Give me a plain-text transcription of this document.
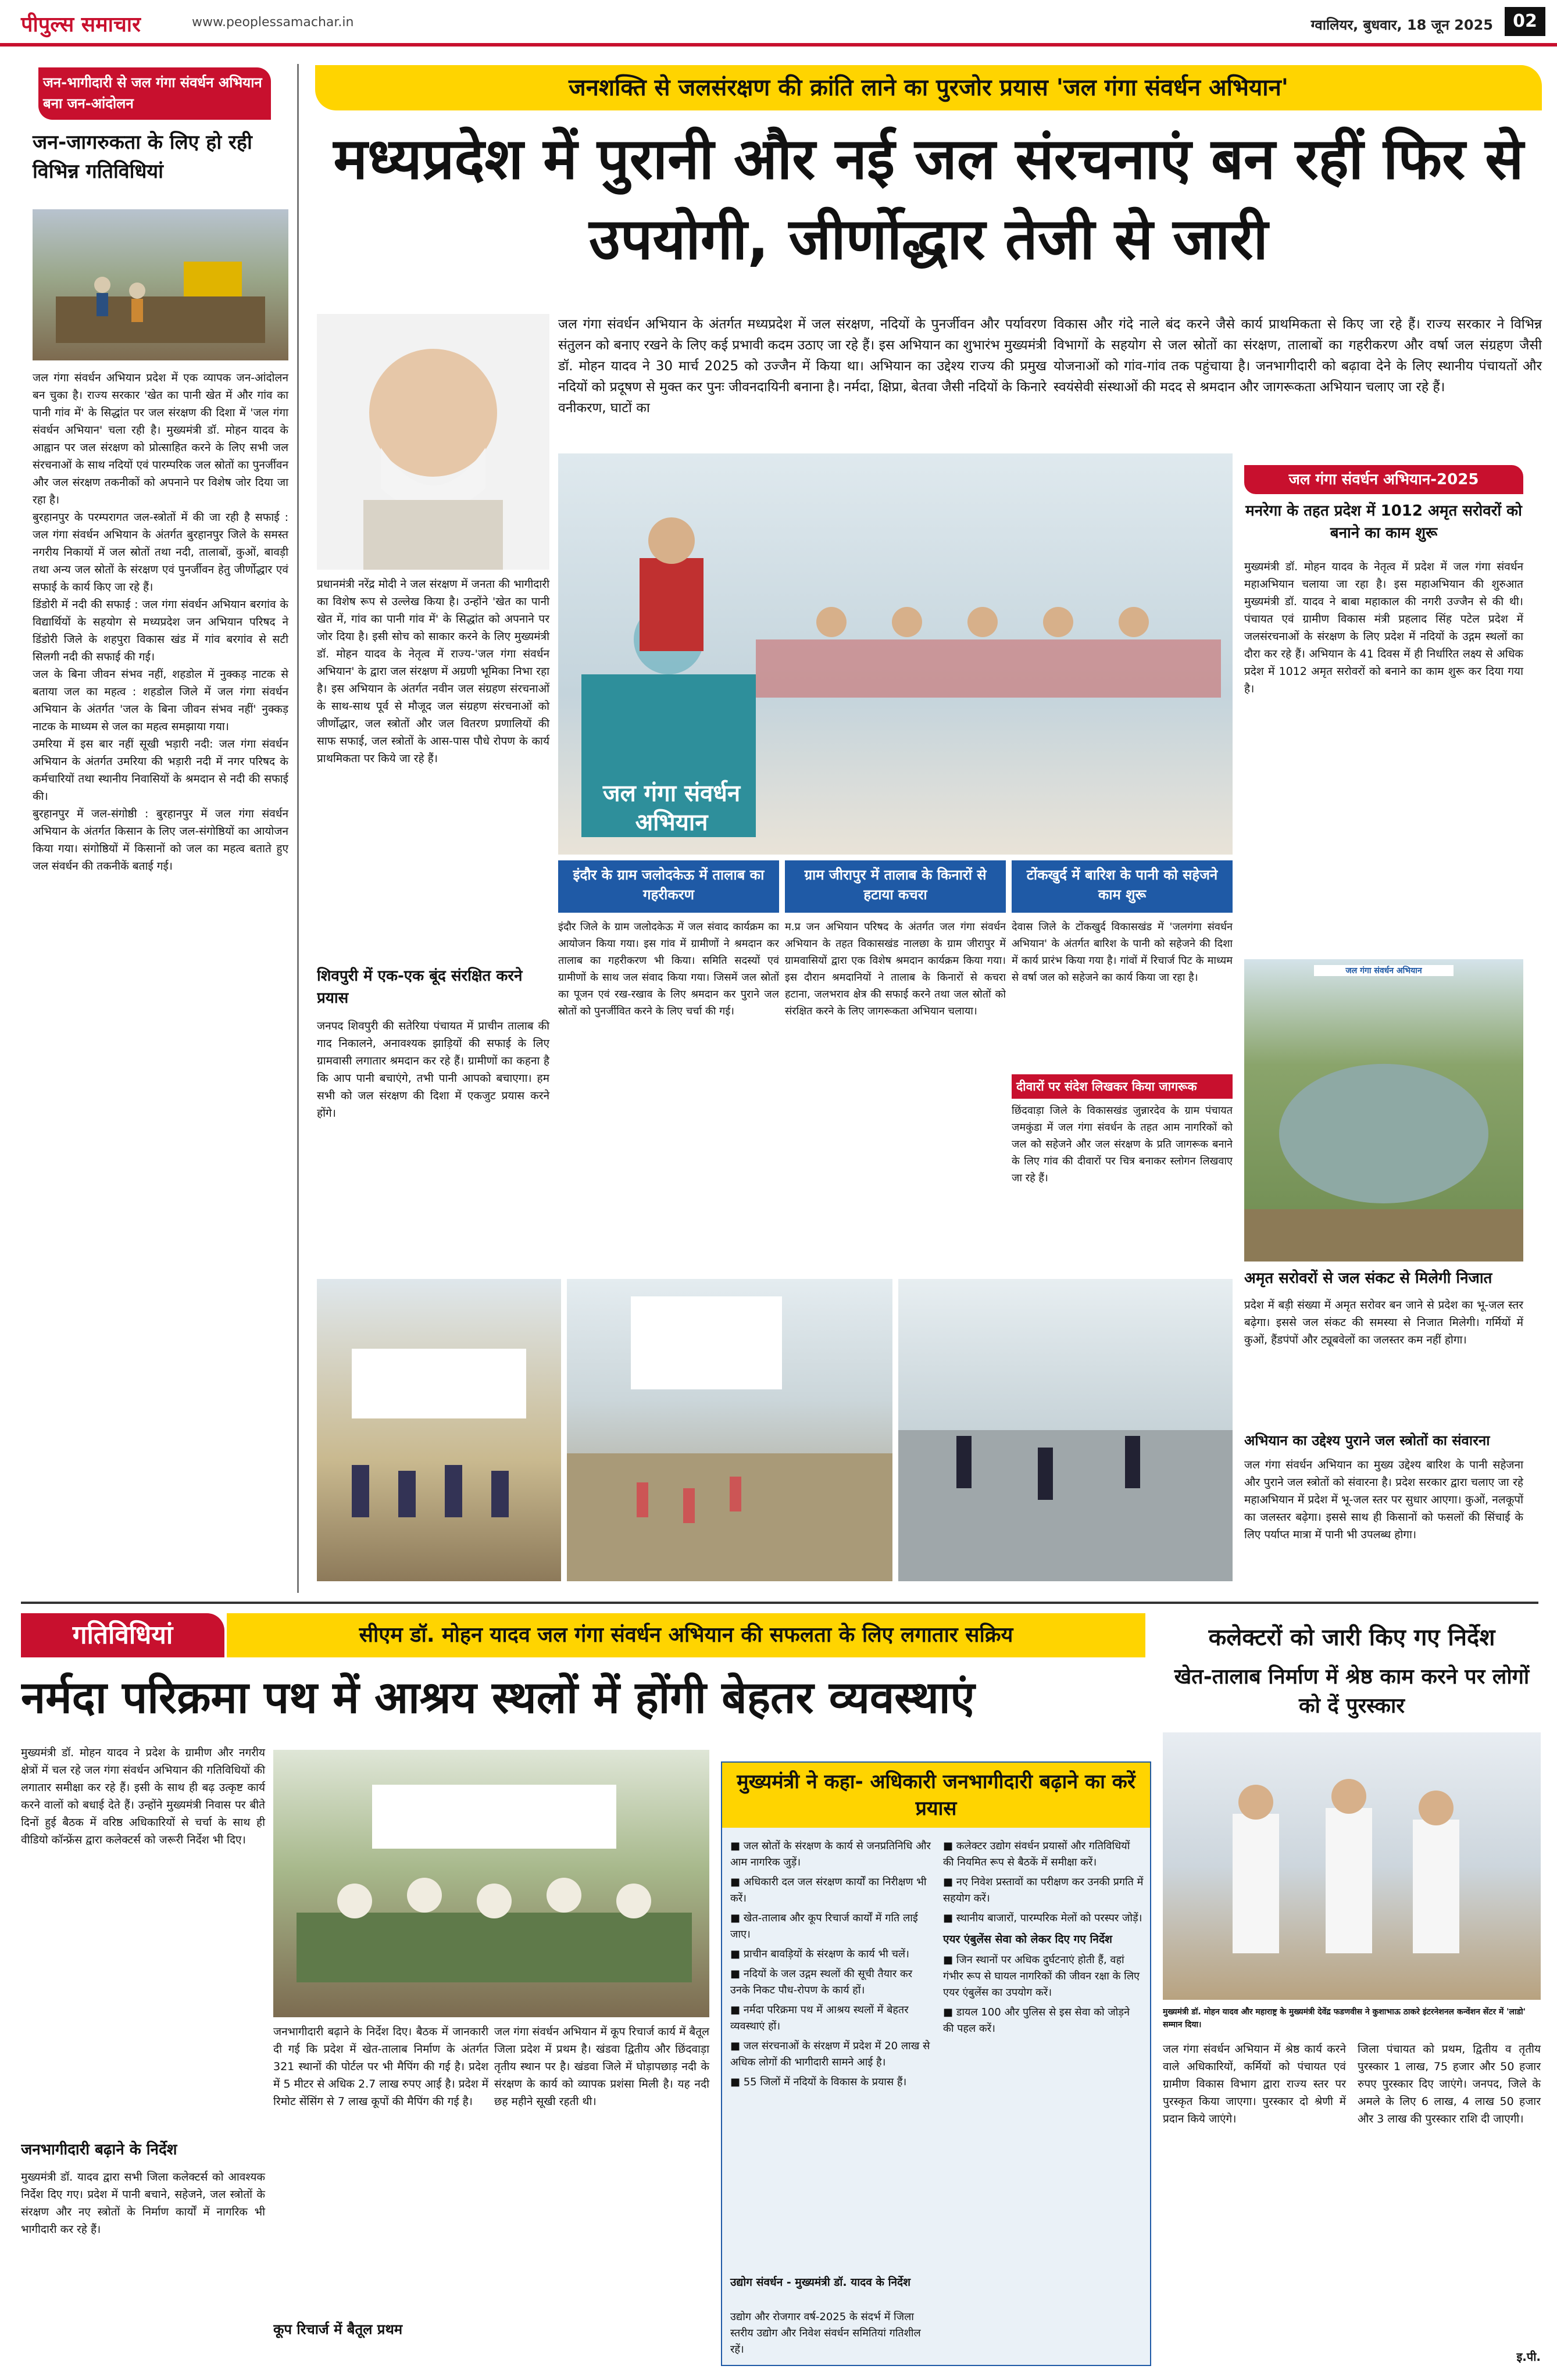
पीपुल्स समाचार	www.peoplessamachar.in	ग्वालियर, बुधवार, 18 जून 2025	02
जन-भागीदारी से जल गंगा संवर्धन अभियान बना जन-आंदोलन
जन-जागरुकता के लिए हो रही विभिन्न गतिविधियां
जल गंगा संवर्धन अभियान प्रदेश में एक व्यापक जन-आंदोलन बन चुका है। राज्य सरकार 'खेत का पानी खेत में और गांव का पानी गांव में' के सिद्धांत पर जल संरक्षण की दिशा में 'जल गंगा संवर्धन अभियान' चला रही है। मुख्यमंत्री डॉ. मोहन यादव के आह्वान पर जल संरक्षण को प्रोत्साहित करने के लिए सभी जल संरचनाओं के साथ नदियों एवं पारम्परिक जल स्रोतों का पुनर्जीवन और जल संरक्षण तकनीकों को अपनाने पर विशेष जोर दिया जा रहा है।
बुरहानपुर के परम्परागत जल-स्त्रोतों में की जा रही है सफाई : जल गंगा संवर्धन अभियान के अंतर्गत बुरहानपुर जिले के समस्त नगरीय निकायों में जल स्रोतों तथा नदी, तालाबों, कुओं, बावड़ी तथा अन्य जल स्रोतों के संरक्षण एवं पुनर्जीवन हेतु जीर्णोद्धार एवं सफाई के कार्य किए जा रहे हैं।
डिंडोरी में नदी की सफाई : जल गंगा संवर्धन अभियान बरगांव के विद्यार्थियों के सहयोग से मध्यप्रदेश जन अभियान परिषद ने डिंडोरी जिले के शहपुरा विकास खंड में गांव बरगांव से सटी सिलगी नदी की सफाई की गई।
जल के बिना जीवन संभव नहीं, शहडोल में नुक्कड़ नाटक से बताया जल का महत्व : शहडोल जिले में जल गंगा संवर्धन अभियान के अंतर्गत 'जल के बिना जीवन संभव नहीं' नुक्कड़ नाटक के माध्यम से जल का महत्व समझाया गया।
उमरिया में इस बार नहीं सूखी भड़ारी नदी: जल गंगा संवर्धन अभियान के अंतर्गत उमरिया की भड़ारी नदी में नगर परिषद के कर्मचारियों तथा स्थानीय निवासियों के श्रमदान से नदी की सफाई की।
बुरहानपुर में जल-संगोष्ठी : बुरहानपुर में जल गंगा संवर्धन अभियान के अंतर्गत किसान के लिए जल-संगोष्ठियों का आयोजन किया गया। संगोष्ठियों में किसानों को जल का महत्व बताते हुए जल संवर्धन की तकनीकें बताई गई।
जनशक्ति से जलसंरक्षण की क्रांति लाने का पुरजोर प्रयास 'जल गंगा संवर्धन अभियान'
मध्यप्रदेश में पुरानी और नई जल संरचनाएं बन रहीं फिर से उपयोगी, जीर्णोद्धार तेजी से जारी
प्रधानमंत्री नरेंद्र मोदी ने जल संरक्षण में जनता की भागीदारी का विशेष रूप से उल्लेख किया है। उन्होंने 'खेत का पानी खेत में, गांव का पानी गांव में' के सिद्धांत को अपनाने पर जोर दिया है। इसी सोच को साकार करने के लिए मुख्यमंत्री डॉ. मोहन यादव के नेतृत्व में राज्य-'जल गंगा संवर्धन अभियान' के द्वारा जल संरक्षण में अग्रणी भूमिका निभा रहा है। इस अभियान के अंतर्गत नवीन जल संग्रहण संरचनाओं के साथ-साथ पूर्व से मौजूद जल संग्रहण संरचनाओं को जीर्णोद्धार, जल स्त्रोतों और जल वितरण प्रणालियों की साफ सफाई, जल स्त्रोतों के आस-पास पौधे रोपण के कार्य प्राथमिकता पर किये जा रहे हैं।
शिवपुरी में एक-एक बूंद संरक्षित करने प्रयास
जनपद शिवपुरी की सतेरिया पंचायत में प्राचीन तालाब की गाद निकालने, अनावश्यक झाड़ियों की सफाई के लिए ग्रामवासी लगातार श्रमदान कर रहे हैं। ग्रामीणों का कहना है कि आप पानी बचाएंगे, तभी पानी आपको बचाएगा। हम सभी को जल संरक्षण की दिशा में एकजुट प्रयास करने होंगे।
जल गंगा संवर्धन अभियान के अंतर्गत मध्यप्रदेश में जल संरक्षण, नदियों के पुनर्जीवन और पर्यावरण संतुलन को बनाए रखने के लिए कई प्रभावी कदम उठाए जा रहे हैं। इस अभियान का शुभारंभ मुख्यमंत्री डॉ. मोहन यादव ने 30 मार्च 2025 को उज्जैन में किया था। अभियान का उद्देश्य राज्य की प्रमुख नदियों को प्रदूषण से मुक्त कर पुनः जीवनदायिनी बनाना है। नर्मदा, क्षिप्रा, बेतवा जैसी नदियों के किनारे वनीकरण, घाटों का
विकास और गंदे नाले बंद करने जैसे कार्य प्राथमिकता से किए जा रहे हैं। राज्य सरकार ने विभिन्न विभागों के सहयोग से जल स्रोतों का संरक्षण, तालाबों का गहरीकरण और वर्षा जल संग्रहण जैसी योजनाओं को गांव-गांव तक पहुंचाया है। जनभागीदारी को बढ़ावा देने के लिए स्थानीय पंचायतों और स्वयंसेवी संस्थाओं की मदद से श्रमदान और जागरूकता अभियान चलाए जा रहे हैं।
जल गंगा संवर्धन अभियान
जल गंगा संवर्धन अभियान-2025
मनरेगा के तहत प्रदेश में 1012 अमृत सरोवरों को बनाने का काम शुरू
मुख्यमंत्री डॉ. मोहन यादव के नेतृत्व में प्रदेश में जल गंगा संवर्धन महाअभियान चलाया जा रहा है। इस महाअभियान की शुरुआत मुख्यमंत्री डॉ. यादव ने बाबा महाकाल की नगरी उज्जैन से की थी। पंचायत एवं ग्रामीण विकास मंत्री प्रहलाद सिंह पटेल प्रदेश में जलसंरचनाओं के संरक्षण के लिए प्रदेश में नदियों के उद्गम स्थलों का दौरा कर रहे हैं। अभियान के 41 दिवस में ही निर्धारित लक्ष्य से अधिक प्रदेश में 1012 अमृत सरोवरों को बनाने का काम शुरू कर दिया गया है।
जल गंगा संवर्धन अभियान
इंदौर के ग्राम जलोदकेऊ में तालाब का गहरीकरण
इंदौर जिले के ग्राम जलोदकेऊ में जल संवाद कार्यक्रम का आयोजन किया गया। इस गांव में ग्रामीणों ने श्रमदान कर तालाब का गहरीकरण भी किया। समिति सदस्यों एवं ग्रामीणों के साथ जल संवाद किया गया। जिसमें जल स्रोतों का पूजन एवं रख-रखाव के लिए श्रमदान कर पुराने जल स्रोतों को पुनर्जीवित करने के लिए चर्चा की गई।
ग्राम जीरापुर में तालाब के किनारों से हटाया कचरा
म.प्र जन अभियान परिषद के अंतर्गत जल गंगा संवर्धन अभियान के तहत विकासखंड नालछा के ग्राम जीरापुर में ग्रामवासियों द्वारा एक विशेष श्रमदान कार्यक्रम किया गया। इस दौरान श्रमदानियों ने तालाब के किनारों से कचरा हटाना, जलभराव क्षेत्र की सफाई करने तथा जल स्रोतों को संरक्षित करने के लिए जागरूकता अभियान चलाया।
टोंकखुर्द में बारिश के पानी को सहेजने काम शुरू
देवास जिले के टोंकखुर्द विकासखंड में 'जलगंगा संवर्धन अभियान' के अंतर्गत बारिश के पानी को सहेजने की दिशा में कार्य प्रारंभ किया गया है। गांवों में रिचार्ज पिट के माध्यम से वर्षा जल को सहेजने का कार्य किया जा रहा है।
दीवारों पर संदेश लिखकर किया जागरूक
छिंदवाड़ा जिले के विकासखंड जुन्नारदेव के ग्राम पंचायत जमकुंडा में जल गंगा संवर्धन के तहत आम नागरिकों को जल को सहेजने और जल संरक्षण के प्रति जागरूक बनाने के लिए गांव की दीवारों पर चित्र बनाकर स्लोगन लिखवाए जा रहे हैं।
अमृत सरोवरों से जल संकट से मिलेगी निजात
प्रदेश में बड़ी संख्या में अमृत सरोवर बन जाने से प्रदेश का भू-जल स्तर बढ़ेगा। इससे जल संकट की समस्या से निजात मिलेगी। गर्मियों में कुओं, हैंडपंपों और ट्यूबवेलों का जलस्तर कम नहीं होगा।
अभियान का उद्देश्य पुराने जल स्त्रोतों का संवारना
जल गंगा संवर्धन अभियान का मुख्य उद्देश्य बारिश के पानी सहेजना और पुराने जल स्त्रोतों को संवारना है। प्रदेश सरकार द्वारा चलाए जा रहे महाअभियान में प्रदेश में भू-जल स्तर पर सुधार आएगा। कुओं, नलकूपों का जलस्तर बढ़ेगा। इससे साथ ही किसानों को फसलों की सिंचाई के लिए पर्याप्त मात्रा में पानी भी उपलब्ध होगा।
गतिविधियां	सीएम डॉ. मोहन यादव जल गंगा संवर्धन अभियान की सफलता के लिए लगातार सक्रिय
नर्मदा परिक्रमा पथ में आश्रय स्थलों में होंगी बेहतर व्यवस्थाएं
मुख्यमंत्री डॉ. मोहन यादव ने प्रदेश के ग्रामीण और नगरीय क्षेत्रों में चल रहे जल गंगा संवर्धन अभियान की गतिविधियों की लगातार समीक्षा कर रहे हैं। इसी के साथ ही बढ़ उत्कृष्ट कार्य करने वालों को बधाई देते हैं। उन्होंने मुख्यमंत्री निवास पर बीते दिनों हुई बैठक में वरिष्ठ अधिकारियों से चर्चा के साथ ही वीडियो कॉन्फ्रेंस द्वारा कलेक्टर्स को जरूरी निर्देश भी दिए।
जनभागीदारी बढ़ाने के निर्देश
मुख्यमंत्री डॉ. यादव द्वारा सभी जिला कलेक्टर्स को आवश्यक निर्देश दिए गए। प्रदेश में पानी बचाने, सहेजने, जल स्त्रोतों के संरक्षण और नए स्त्रोतों के निर्माण कार्यों में नागरिक भी भागीदारी कर रहे हैं।
जनभागीदारी बढ़ाने के निर्देश दिए। बैठक में जानकारी दी गई कि प्रदेश में खेत-तालाब निर्माण के अंतर्गत 321 स्थानों की पोर्टल पर भी मैपिंग की गई है। प्रदेश में 5 मीटर से अधिक 2.7 लाख रुपए आई है। प्रदेश में रिमोट सेंसिंग से 7 लाख कूपों की मैपिंग की गई है।
कूप रिचार्ज में बैतूल प्रथम
जल गंगा संवर्धन अभियान में कूप रिचार्ज कार्य में बैतूल जिला प्रदेश में प्रथम है। खंडवा द्वितीय और छिंदवाड़ा तृतीय स्थान पर है। खंडवा जिले में घोड़ापछाड़ नदी के संरक्षण के कार्य को व्यापक प्रशंसा मिली है। यह नदी छह महीने सूखी रहती थी।
मुख्यमंत्री ने कहा- अधिकारी जनभागीदारी बढ़ाने का करें प्रयास
■ जल स्रोतों के संरक्षण के कार्य से जनप्रतिनिधि और आम नागरिक जुड़ें।
■ अधिकारी दल जल संरक्षण कार्यों का निरीक्षण भी करें।
■ खेत-तालाब और कूप रिचार्ज कार्यों में गति लाई जाए।
■ प्राचीन बावड़ियों के संरक्षण के कार्य भी चलें।
■ नदियों के जल उद्गम स्थलों की सूची तैयार कर उनके निकट पौध-रोपण के कार्य हों।
■ नर्मदा परिक्रमा पथ में आश्रय स्थलों में बेहतर व्यवस्थाएं हों।
■ जल संरचनाओं के संरक्षण में प्रदेश में 20 लाख से अधिक लोगों की भागीदारी सामने आई है।
■ 55 जिलों में नदियों के विकास के प्रयास हैं।
■ कलेक्टर उद्योग संवर्धन प्रयासों और गतिविधियों की नियमित रूप से बैठकें में समीक्षा करें।
■ नए निवेश प्रस्तावों का परीक्षण कर उनकी प्रगति में सहयोग करें।
■ स्थानीय बाजारों, पारम्परिक मेलों को परस्पर जोड़ें।
एयर एंबुलेंस सेवा को लेकर दिए गए निर्देश
■ जिन स्थानों पर अधिक दुर्घटनाएं होती हैं, वहां गंभीर रूप से घायल नागरिकों की जीवन रक्षा के लिए एयर एंबुलेंस का उपयोग करें।
■ डायल 100 और पुलिस से इस सेवा को जोड़ने की पहल करें।
उद्योग संवर्धन - मुख्यमंत्री डॉ. यादव के निर्देश
उद्योग और रोजगार वर्ष-2025 के संदर्भ में जिला स्तरीय उद्योग और निवेश संवर्धन समितियां गतिशील रहें।
कलेक्टरों को जारी किए गए निर्देश
खेत-तालाब निर्माण में श्रेष्ठ काम करने पर लोगों को दें पुरस्कार
मुख्यमंत्री डॉ. मोहन यादव और महाराष्ट्र के मुख्यमंत्री देवेंद्र फडणवीस ने कुशाभाऊ ठाकरे इंटरनेशनल कन्वेंशन सेंटर में 'लाडो' सम्मान दिया।
जल गंगा संवर्धन अभियान में श्रेष्ठ कार्य करने वाले अधिकारियों, कर्मियों को पंचायत एवं ग्रामीण विकास विभाग द्वारा राज्य स्तर पर पुरस्कृत किया जाएगा। पुरस्कार दो श्रेणी में प्रदान किये जाएंगे।
जिला पंचायत को प्रथम, द्वितीय व तृतीय पुरस्कार 1 लाख, 75 हजार और 50 हजार रुपए पुरस्कार दिए जाएंगे। जनपद, जिले के अमले के लिए 6 लाख, 4 लाख 50 हजार और 3 लाख की पुरस्कार राशि दी जाएगी।
इ.पी.
